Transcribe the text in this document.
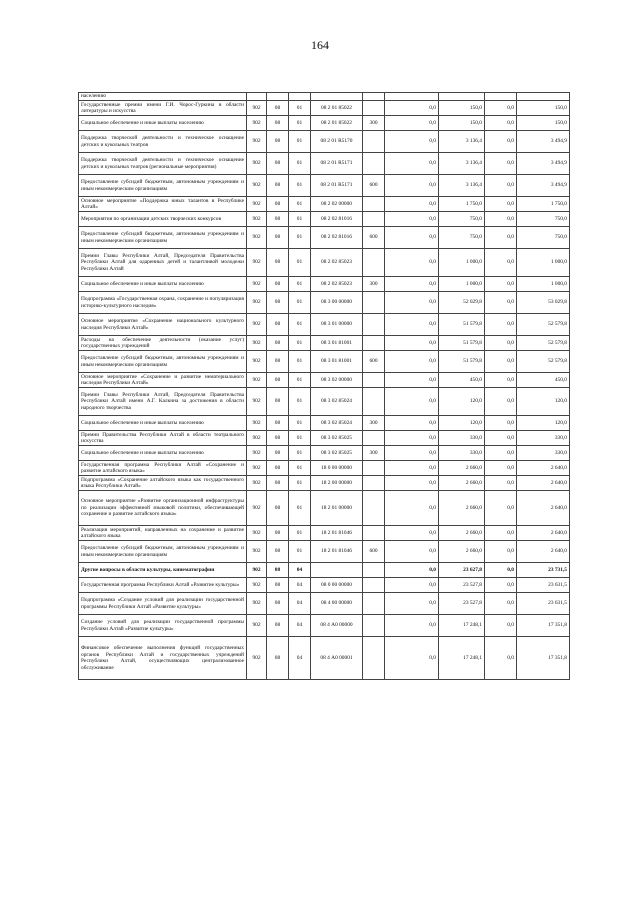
164
населению									
Государственные премии имени Г.И. Чорос-Гуркина в области литературы и искусства	902	08	01	08 2 01 85022		0,0	150,0	0,0	150,0
Социальное обеспечение и иные выплаты населению	902	08	01	08 2 01 85022	300	0,0	150,0	0,0	150,0
Поддержка творческой деятельности и техническое оснащение детских и кукольных театров	902	08	01	08 2 01 R5170		0,0	3 136,4	0,0	3 494,9
Поддержка творческой деятельности и техническое оснащение детских и кукольных театров (региональные мероприятия)	902	08	01	08 2 01 R5171		0,0	3 136,4	0,0	3 494,9
Предоставление субсидий бюджетным, автономным учреждениям и иным некоммерческим организациям	902	08	01	08 2 01 R5171	600	0,0	3 136,4	0,0	3 494,9
Основное мероприятие «Поддержка юных талантов в Республике Алтай»	902	08	01	08 2 02 00000		0,0	1 750,0	0,0	1 750,0
Мероприятия по организации детских творческих конкурсов	902	08	01	08 2 02 81016		0,0	750,0	0,0	750,0
Предоставление субсидий бюджетным, автономным учреждениям и иным некоммерческим организациям	902	08	01	08 2 02 81016	600	0,0	750,0	0,0	750,0
Премии Главы Республики Алтай, Председателя Правительства Республики Алтай для одаренных детей и талантливой молодежи Республики Алтай	902	08	01	08 2 02 85023		0,0	1 000,0	0,0	1 000,0
Социальное обеспечение и иные выплаты населению	902	08	01	08 2 02 85023	300	0,0	1 000,0	0,0	1 000,0
Подпрограмма «Государственная охрана, сохранение и популяризация историко-культурного наследия»	902	08	01	08 3 00 00000		0,0	52 029,8	0,0	53 029,8
Основное мероприятие «Сохранение национального культурного наследия Республики Алтай»	902	08	01	08 3 01 00000		0,0	51 579,8	0,0	52 579,8
Расходы на обеспечение деятельности (оказание услуг) государственных учреждений	902	08	01	08 3 01 81001		0,0	51 579,8	0,0	52 579,8
Предоставление субсидий бюджетным, автономным учреждениям и иным некоммерческим организациям	902	08	01	08 3 01 81001	600	0,0	51 579,8	0,0	52 579,8
Основное мероприятие «Сохранение и развитие нематериального наследия Республики Алтай»	902	08	01	08 3 02 00000		0,0	450,0	0,0	450,0
Премии Главы Республики Алтай, Председателя Правительства Республики Алтай имени А.Г. Калкина за достижения в области народного творчества	902	08	01	08 3 02 85024		0,0	120,0	0,0	120,0
Социальное обеспечение и иные выплаты населению	902	08	01	08 3 02 85024	300	0,0	120,0	0,0	120,0
Премии Правительства Республики Алтай в области театрального искусства	902	08	01	08 3 02 85025		0,0	330,0	0,0	330,0
Социальное обеспечение и иные выплаты населению	902	08	01	08 3 02 85025	300	0,0	330,0	0,0	330,0
Государственная программа Республики Алтай «Сохранение и развитие алтайского языка»	902	08	01	18 0 00 00000		0,0	2 660,0	0,0	2 640,0
Подпрограмма «Сохранение алтайского языка как государственного языка Республики Алтай»	902	08	01	18 2 00 00000		0,0	2 660,0	0,0	2 640,0
Основное мероприятие «Развитие организационной инфраструктуры по реализации эффективной языковой политики, обеспечивающей сохранение и развитие алтайского языка»	902	08	01	18 2 01 00000		0,0	2 660,0	0,0	2 640,0
Реализация мероприятий, направленных на сохранение и развитие алтайского языка	902	08	01	18 2 01 81046		0,0	2 660,0	0,0	2 640,0
Предоставление субсидий бюджетным, автономным учреждениям и иным некоммерческим организациям	902	08	01	18 2 01 81046	600	0,0	2 660,0	0,0	2 640,0
Другие вопросы в области культуры, кинематографии	902	08	04			0,0	23 627,8	0,0	23 731,5
Государственная программа Республики Алтай «Развитие культуры»	902	08	04	08 0 00 00000		0,0	23 527,8	0,0	23 631,5
Подпрограмма «Создание условий для реализации государственной программы Республики Алтай «Развитие культуры»	902	08	04	08 4 00 00000		0,0	23 527,8	0,0	23 631,5
Создание условий для реализации государственной программы Республики Алтай «Развитие культуры»	902	08	04	08 4 А0 00000		0,0	17 248,1	0,0	17 351,8
Финансовое обеспечение выполнения функций государственных органов Республики Алтай и государственных учреждений Республики Алтай, осуществляющих централизованное обслуживание	902	08	04	08 4 А0 00001		0,0	17 248,1	0,0	17 351,8
